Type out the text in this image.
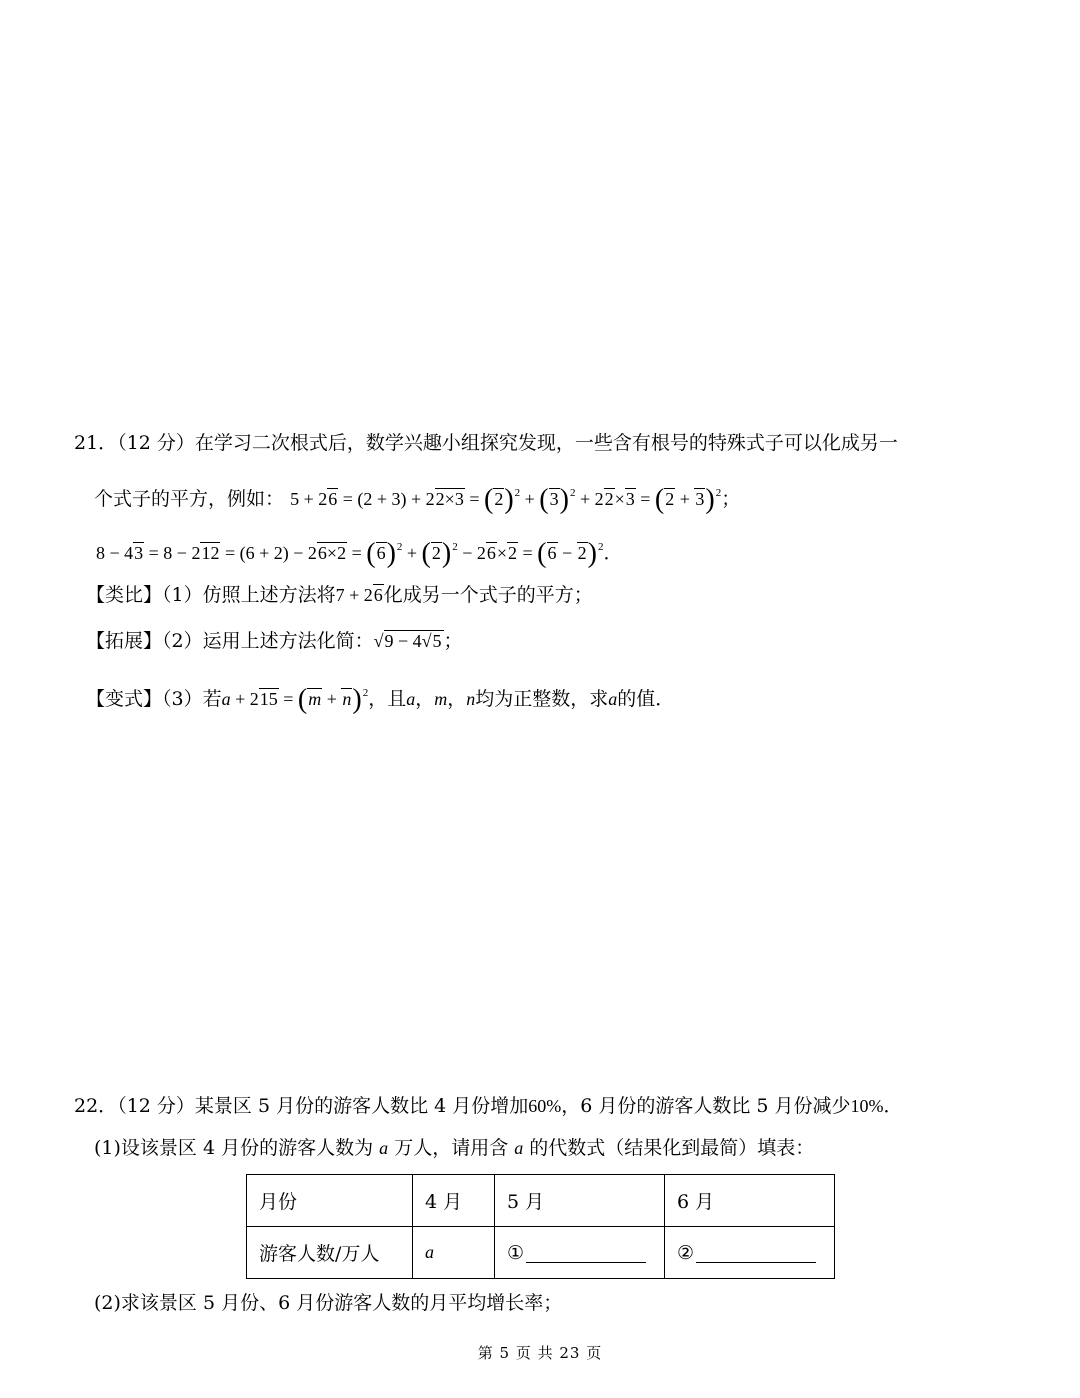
21．（12 分）在学习二次根式后，数学兴趣小组探究发现，一些含有根号的特殊式子可以化成另一
个式子的平方，例如： $5 + 26 = (2 + 3) + 22\times 3 = (2)^2 + (3)^2 + 22\times 3 = (2 + 3)^2$；
$8 - 43 = 8 - 212 = (6 + 2) - 26\times 2 = (6)^2 + (2)^2 - 26\times 2 = (6 - 2)^2$．
【类比】（1）仿照上述方法将7 + 26化成另一个式子的平方；
【拓展】（2）运用上述方法化简：√9 − 4√5 ；
【变式】（3）若$a + 215 = (m + n)^2$，且a，m，n均为正整数，求a的值．
22．（12 分）某景区 5 月份的游客人数比 4 月份增加60%，6 月份的游客人数比 5 月份减少10%．
(1)设该景区 4 月份的游客人数为 a 万人，请用含 a 的代数式（结果化到最简）填表：
月份	4 月	5 月	6 月
游客人数/万人	a	①	②
(2)求该景区 5 月份、6 月份游客人数的月平均增长率；
第 5 页 共 23 页
